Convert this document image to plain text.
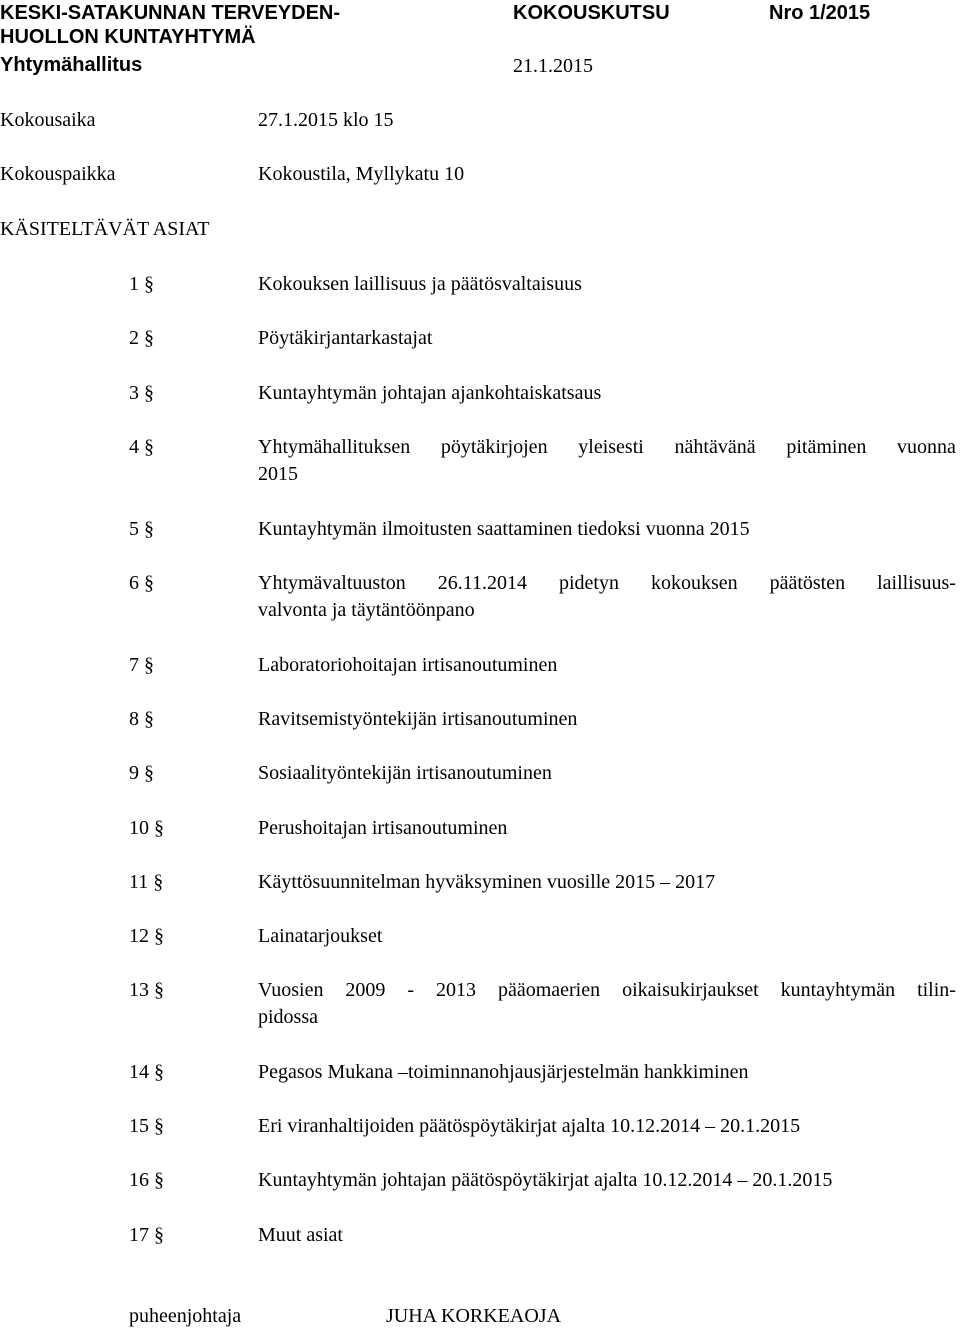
KESKI-SATAKUNNAN TERVEYDEN-
HUOLLON KUNTAYHTYMÄ
Yhtymähallitus
KOKOUSKUTSU	Nro 1/2015
21.1.2015
Kokousaika	27.1.2015 klo 15
Kokouspaikka	Kokoustila, Myllykatu 10
KÄSITELTÄVÄT ASIAT
1 §	Kokouksen laillisuus ja päätösvaltaisuus
2 §	Pöytäkirjantarkastajat
3 §	Kuntayhtymän johtajan ajankohtaiskatsaus
4 §	Yhtymähallituksen pöytäkirjojen yleisesti nähtävänä pitäminen vuonna
2015
5 §	Kuntayhtymän ilmoitusten saattaminen tiedoksi vuonna 2015
6 §	Yhtymävaltuuston 26.11.2014 pidetyn kokouksen päätösten laillisuus-
valvonta ja täytäntöönpano
7 §	Laboratoriohoitajan irtisanoutuminen
8 §	Ravitsemistyöntekijän irtisanoutuminen
9 §	Sosiaalityöntekijän irtisanoutuminen
10 §	Perushoitajan irtisanoutuminen
11 §	Käyttösuunnitelman hyväksyminen vuosille 2015 – 2017
12 §	Lainatarjoukset
13 §	Vuosien 2009 - 2013 pääomaerien oikaisukirjaukset kuntayhtymän tilin-
pidossa
14 §	Pegasos Mukana –toiminnanohjausjärjestelmän hankkiminen
15 §	Eri viranhaltijoiden päätöspöytäkirjat ajalta 10.12.2014 – 20.1.2015
16 §	Kuntayhtymän johtajan päätöspöytäkirjat ajalta 10.12.2014 – 20.1.2015
17 §	Muut asiat
puheenjohtaja	JUHA KORKEAOJA
